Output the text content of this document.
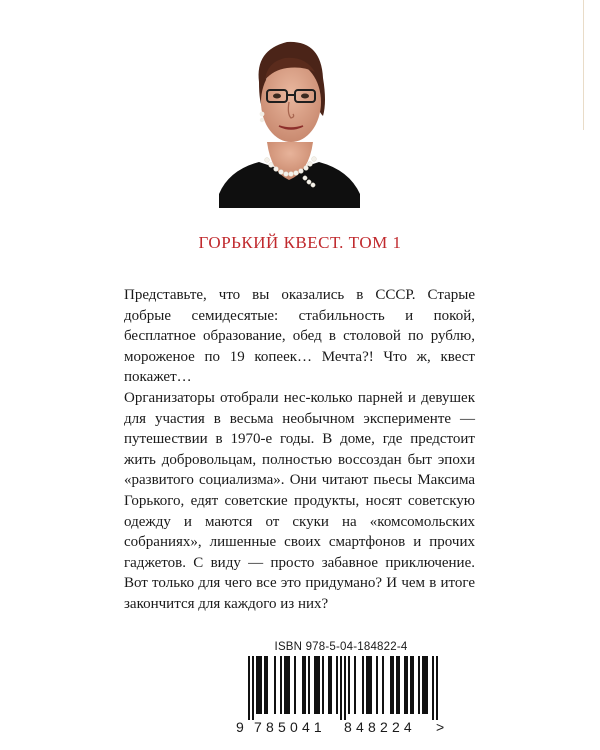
ГОРЬКИЙ КВЕСТ. ТОМ 1

Представьте, что вы оказались в СССР. Старые добрые семидесятые: стабильность и покой, бесплатное образование, обед в столовой по рублю, мороженое по 19 копеек… Мечта?! Что ж, квест покажет…

Организаторы отобрали нес-колько парней и девушек для участия в весьма необычном эксперименте — путешествии в 1970-е годы. В доме, где предстоит жить добровольцам, полностью воссоздан быт эпохи «развитого социализма». Они читают пьесы Максима Горького, едят советские продукты, носят советскую одежду и маются от скуки на «комсомольских собраниях», лишенные своих смартфонов и прочих гаджетов. С виду — просто забавное приключение. Вот только для чего все это придумано? И чем в итоге закончится для каждого из них?

ISBN 978-5-04-184822-4
9 785041 848224 >
